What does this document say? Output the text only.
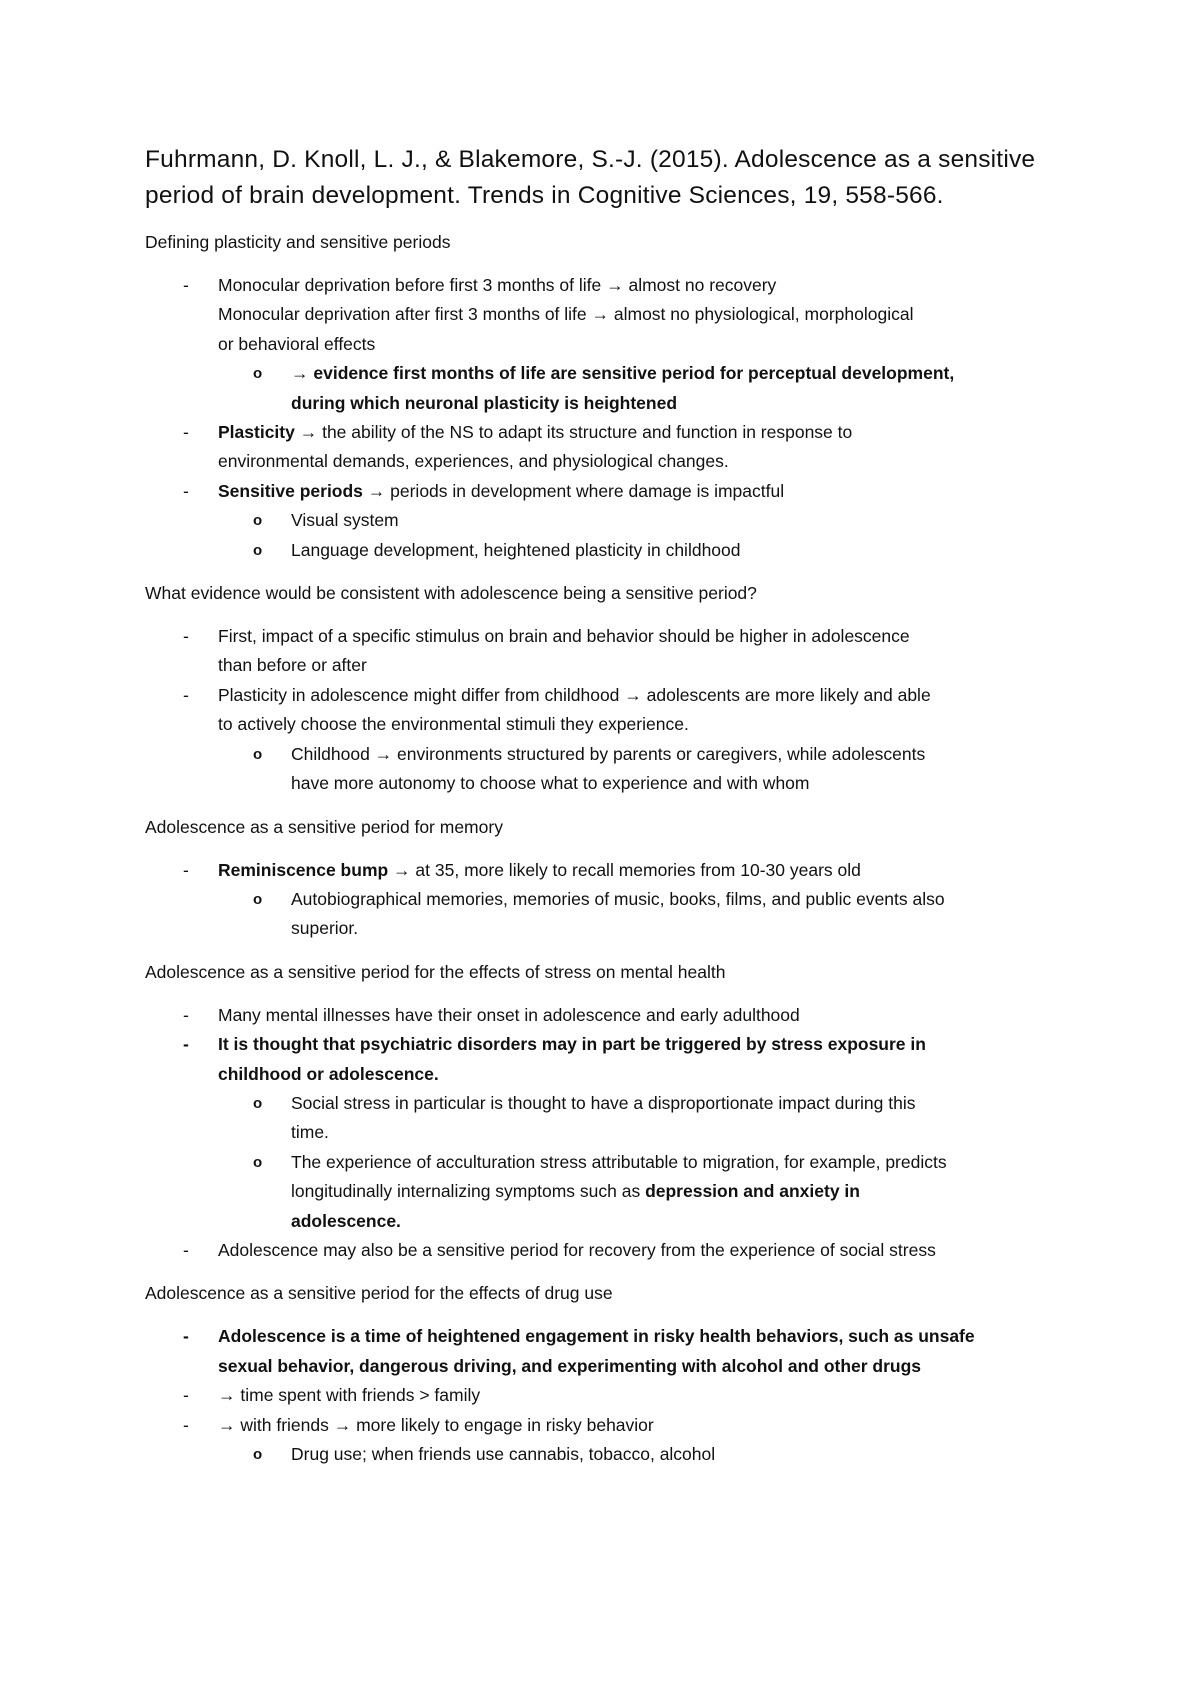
Fuhrmann, D. Knoll, L. J., & Blakemore, S.-J. (2015). Adolescence as a sensitive
period of brain development. Trends in Cognitive Sciences, 19, 558-566.

Defining plasticity and sensitive periods

- Monocular deprivation before first 3 months of life → almost no recovery
Monocular deprivation after first 3 months of life → almost no physiological, morphological
or behavioral effects
o → evidence first months of life are sensitive period for perceptual development,
during which neuronal plasticity is heightened
- Plasticity → the ability of the NS to adapt its structure and function in response to
environmental demands, experiences, and physiological changes.
- Sensitive periods → periods in development where damage is impactful
o Visual system
o Language development, heightened plasticity in childhood

What evidence would be consistent with adolescence being a sensitive period?

- First, impact of a specific stimulus on brain and behavior should be higher in adolescence
than before or after
- Plasticity in adolescence might differ from childhood → adolescents are more likely and able
to actively choose the environmental stimuli they experience.
o Childhood → environments structured by parents or caregivers, while adolescents
have more autonomy to choose what to experience and with whom

Adolescence as a sensitive period for memory

- Reminiscence bump → at 35, more likely to recall memories from 10-30 years old
o Autobiographical memories, memories of music, books, films, and public events also
superior.

Adolescence as a sensitive period for the effects of stress on mental health

- Many mental illnesses have their onset in adolescence and early adulthood
- It is thought that psychiatric disorders may in part be triggered by stress exposure in
childhood or adolescence.
o Social stress in particular is thought to have a disproportionate impact during this
time.
o The experience of acculturation stress attributable to migration, for example, predicts
longitudinally internalizing symptoms such as depression and anxiety in
adolescence.
- Adolescence may also be a sensitive period for recovery from the experience of social stress

Adolescence as a sensitive period for the effects of drug use

- Adolescence is a time of heightened engagement in risky health behaviors, such as unsafe
sexual behavior, dangerous driving, and experimenting with alcohol and other drugs
- → time spent with friends > family
- → with friends → more likely to engage in risky behavior
o Drug use; when friends use cannabis, tobacco, alcohol
